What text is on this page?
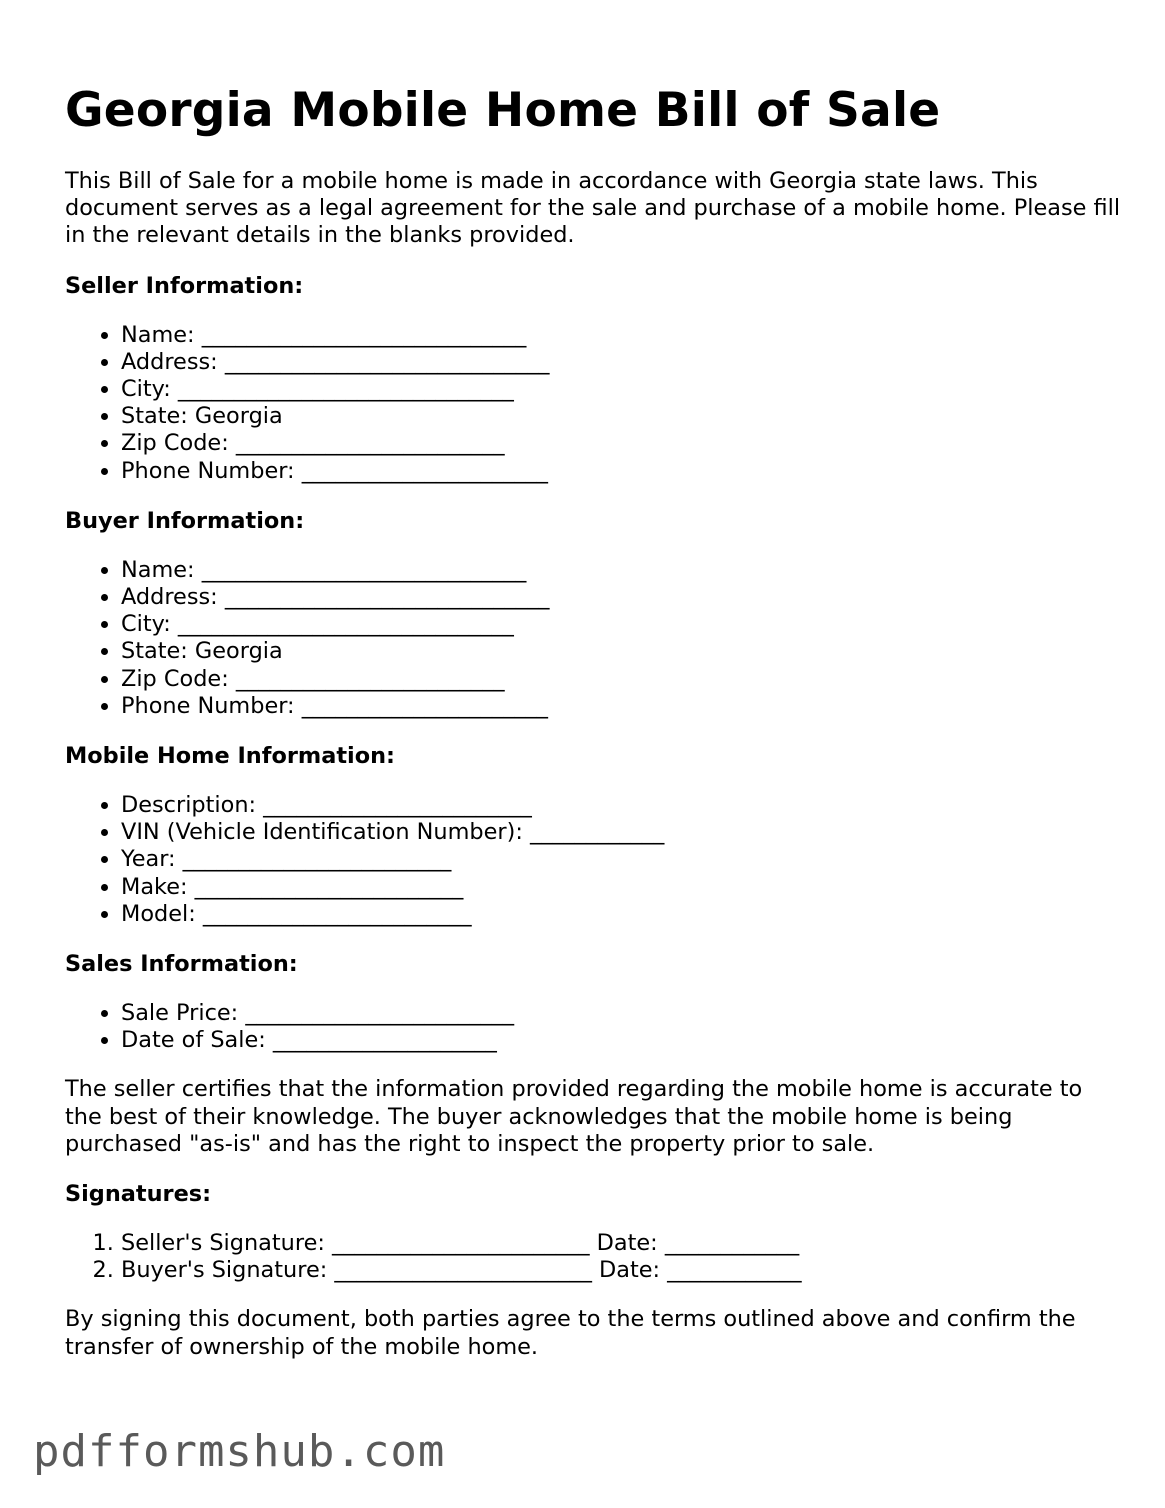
Georgia Mobile Home Bill of Sale

This Bill of Sale for a mobile home is made in accordance with Georgia state laws. This document serves as a legal agreement for the sale and purchase of a mobile home. Please fill in the relevant details in the blanks provided.

Seller Information:
• Name: _____________________________
• Address: _____________________________
• City: ______________________________
• State: Georgia
• Zip Code: ________________________
• Phone Number: ______________________
Buyer Information:
• Name: _____________________________
• Address: _____________________________
• City: ______________________________
• State: Georgia
• Zip Code: ________________________
• Phone Number: ______________________
Mobile Home Information:
• Description: ________________________
• VIN (Vehicle Identification Number): ____________
• Year: ________________________
• Make: ________________________
• Model: ________________________
Sales Information:
• Sale Price: ________________________
• Date of Sale: ____________________

The seller certifies that the information provided regarding the mobile home is accurate to the best of their knowledge. The buyer acknowledges that the mobile home is being purchased "as-is" and has the right to inspect the property prior to sale.

Signatures:
1. Seller's Signature: _______________________ Date: ____________
2. Buyer's Signature: _______________________ Date: ____________

By signing this document, both parties agree to the terms outlined above and confirm the transfer of ownership of the mobile home.

pdfformshub.com
